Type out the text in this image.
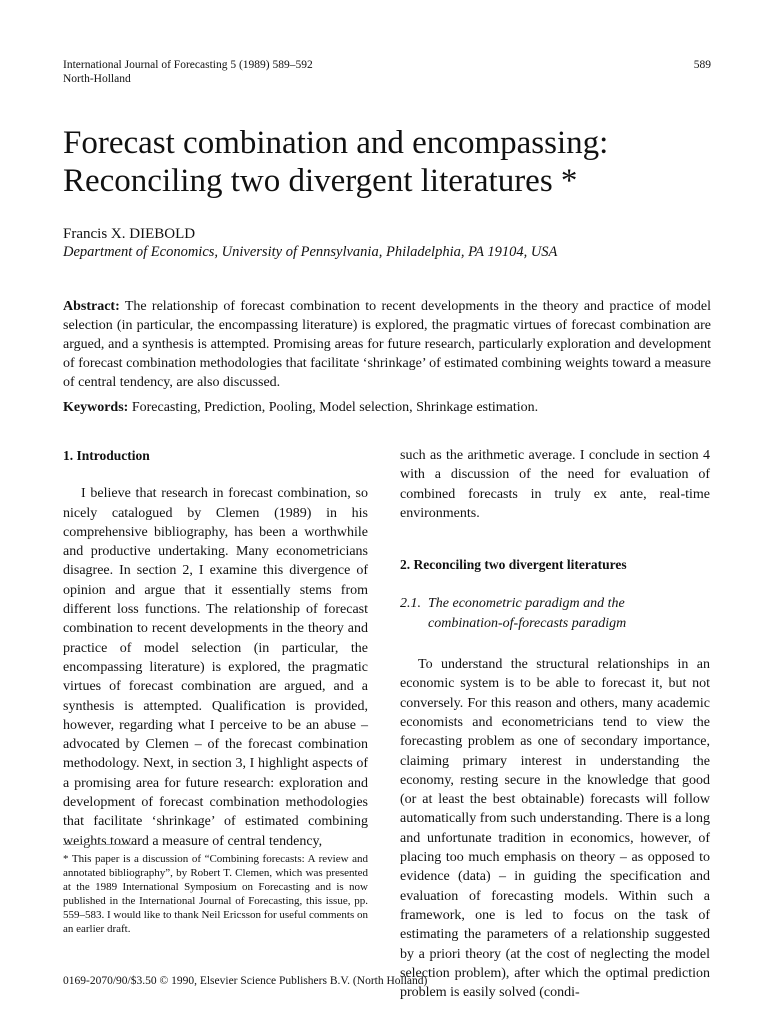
International Journal of Forecasting 5 (1989) 589–592
North-Holland
589
Forecast combination and encompassing:
Reconciling two divergent literatures *
Francis X. DIEBOLD
Department of Economics, University of Pennsylvania, Philadelphia, PA 19104, USA

Abstract: The relationship of forecast combination to recent developments in the theory and practice of model selection (in particular, the encompassing literature) is explored, the pragmatic virtues of forecast combination are argued, and a synthesis is attempted. Promising areas for future research, particularly exploration and development of forecast combination methodologies that facilitate ‘shrinkage’ of estimated combining weights toward a measure of central tendency, are also discussed.

Keywords: Forecasting, Prediction, Pooling, Model selection, Shrinkage estimation.

1. Introduction

I believe that research in forecast combination, so nicely catalogued by Clemen (1989) in his comprehensive bibliography, has been a worthwhile and productive undertaking. Many econometricians disagree. In section 2, I examine this divergence of opinion and argue that it essentially stems from different loss functions. The relationship of forecast combination to recent developments in the theory and practice of model selection (in particular, the encompassing literature) is explored, the pragmatic virtues of forecast combination are argued, and a synthesis is attempted. Qualification is provided, however, regarding what I perceive to be an abuse – advocated by Clemen – of the forecast combination methodology. Next, in section 3, I highlight aspects of a promising area for future research: exploration and development of forecast combination methodologies that facilitate ‘shrinkage’ of estimated combining weights toward a measure of central tendency,

such as the arithmetic average. I conclude in section 4 with a discussion of the need for evaluation of combined forecasts in truly ex ante, real-time environments.

2. Reconciling two divergent literatures
2.1. The econometric paradigm and the
combination-of-forecasts paradigm

To understand the structural relationships in an economic system is to be able to forecast it, but not conversely. For this reason and others, many academic economists and econometricians tend to view the forecasting problem as one of secondary importance, claiming primary interest in understanding the economy, resting secure in the knowledge that good (or at least the best obtainable) forecasts will follow automatically from such understanding. There is a long and unfortunate tradition in economics, however, of placing too much emphasis on theory – as opposed to evidence (data) – in guiding the specification and evaluation of forecasting models. Within such a framework, one is led to focus on the task of estimating the parameters of a relationship suggested by a priori theory (at the cost of neglecting the model selection problem), after which the optimal prediction problem is easily solved (condi-

* This paper is a discussion of “Combining forecasts: A review and annotated bibliography”, by Robert T. Clemen, which was presented at the 1989 International Symposium on Forecasting and is now published in the International Journal of Forecasting, this issue, pp. 559–583. I would like to thank Neil Ericsson for useful comments on an earlier draft.

0169-2070/90/$3.50 © 1990, Elsevier Science Publishers B.V. (North Holland)
